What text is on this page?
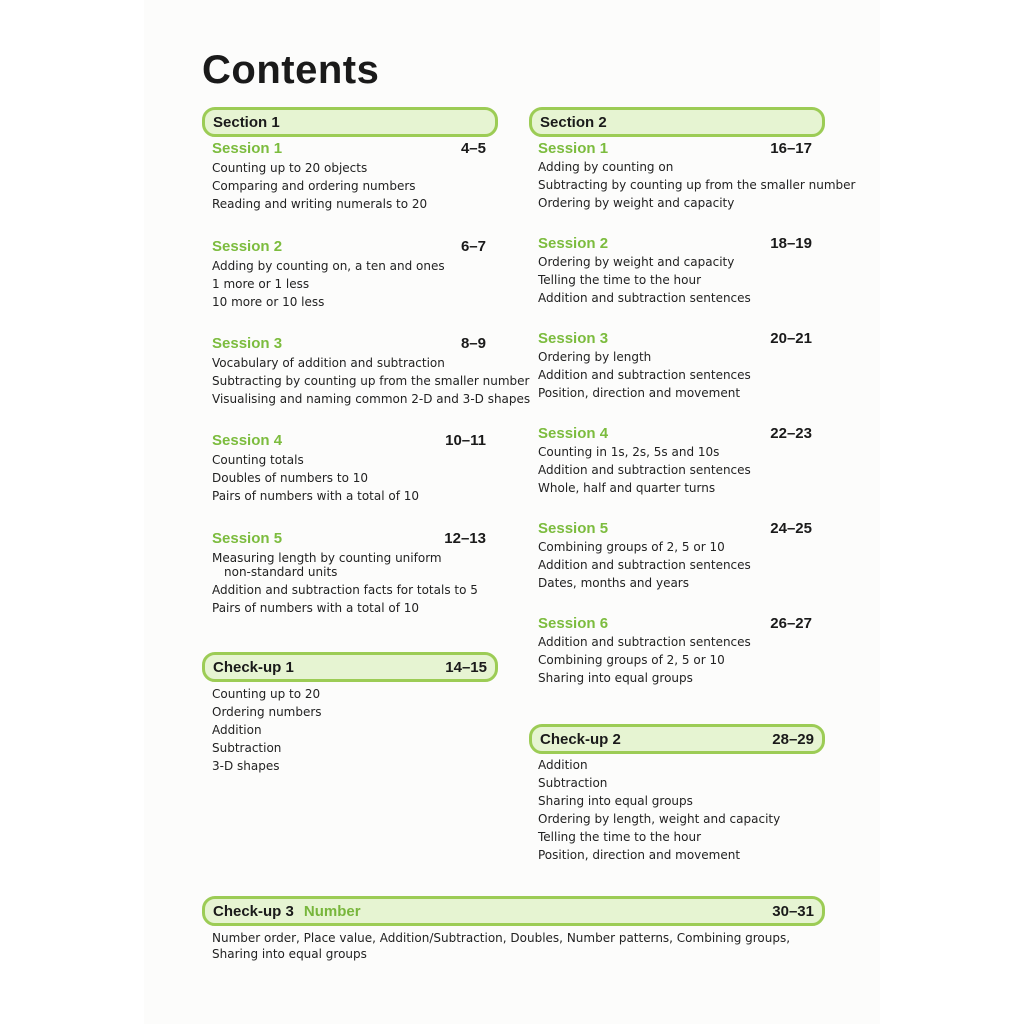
Contents
Section 1
Session 1	4–5
Counting up to 20 objects
Comparing and ordering numbers
Reading and writing numerals to 20
Session 2	6–7
Adding by counting on, a ten and ones
1 more or 1 less
10 more or 10 less
Session 3	8–9
Vocabulary of addition and subtraction
Subtracting by counting up from the smaller number
Visualising and naming common 2-D and 3-D shapes
Session 4	10–11
Counting totals
Doubles of numbers to 10
Pairs of numbers with a total of 10
Session 5	12–13
Measuring length by counting uniform
non-standard units
Addition and subtraction facts for totals to 5
Pairs of numbers with a total of 10
Check-up 1	14–15
Counting up to 20
Ordering numbers
Addition
Subtraction
3-D shapes
Section 2
Session 1	16–17
Adding by counting on
Subtracting by counting up from the smaller number
Ordering by weight and capacity
Session 2	18–19
Ordering by weight and capacity
Telling the time to the hour
Addition and subtraction sentences
Session 3	20–21
Ordering by length
Addition and subtraction sentences
Position, direction and movement
Session 4	22–23
Counting in 1s, 2s, 5s and 10s
Addition and subtraction sentences
Whole, half and quarter turns
Session 5	24–25
Combining groups of 2, 5 or 10
Addition and subtraction sentences
Dates, months and years
Session 6	26–27
Addition and subtraction sentences
Combining groups of 2, 5 or 10
Sharing into equal groups
Check-up 2	28–29
Addition
Subtraction
Sharing into equal groups
Ordering by length, weight and capacity
Telling the time to the hour
Position, direction and movement
Check-up 3 Number	30–31
Number order, Place value, Addition/Subtraction, Doubles, Number patterns, Combining groups,
Sharing into equal groups
